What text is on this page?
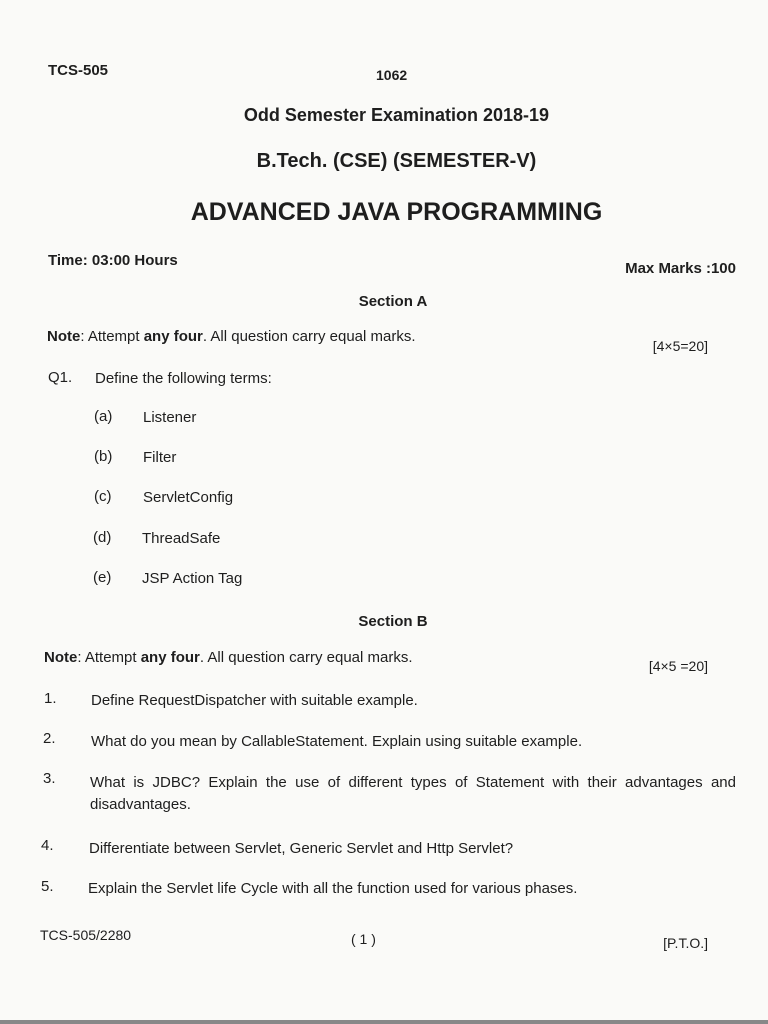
TCS-505	1062
Odd Semester Examination 2018-19
B.Tech. (CSE) (SEMESTER-V)
ADVANCED JAVA PROGRAMMING
Time: 03:00 Hours	Max Marks :100
Section A
Note: Attempt any four. All question carry equal marks.
[4×5=20]
Q1. Define the following terms:
(a) Listener
(b) Filter
(c) ServletConfig
(d) ThreadSafe
(e) JSP Action Tag
Section B
Note: Attempt any four. All question carry equal marks.	[4×5 =20]
1. Define RequestDispatcher with suitable example.
2. What do you mean by CallableStatement. Explain using suitable example.
3. What is JDBC? Explain the use of different types of Statement with their advantages and disadvantages.
4. Differentiate between Servlet, Generic Servlet and Http Servlet?
5. Explain the Servlet life Cycle with all the function used for various phases.
TCS-505/2280	( 1 )	[P.T.O.]
